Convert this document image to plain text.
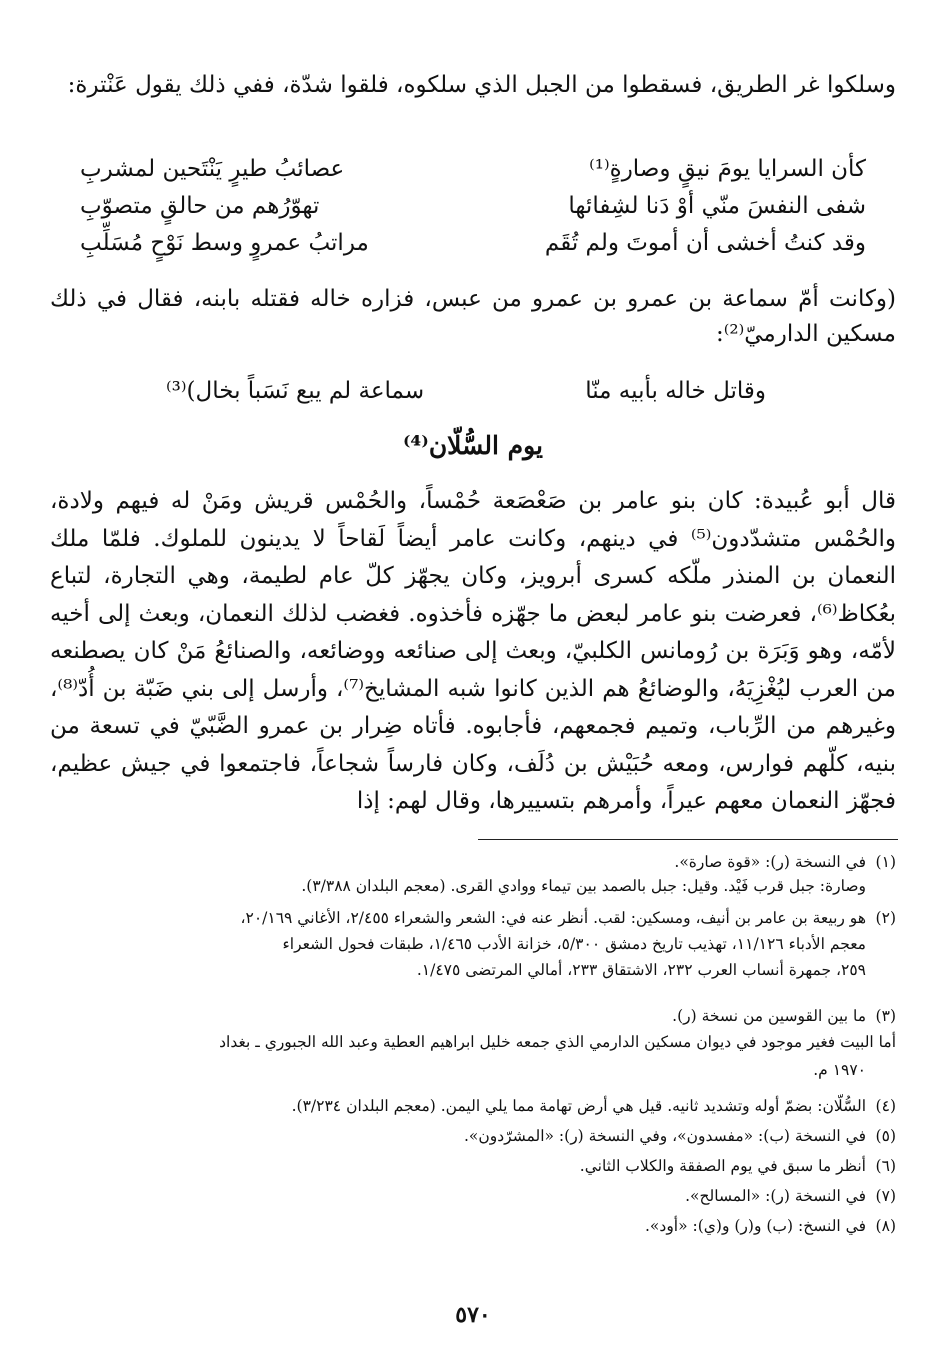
وسلكوا غر الطريق، فسقطوا من الجبل الذي سلكوه، فلقوا شدّة، ففي ذلك يقول عَنْترة:
كأن السرايا يومَ نيقٍ وصارةٍ⁽¹⁾
عصائبُ طيرٍ يَنْتَحين لمشربِ
شفى النفسَ منّي أوْ دَنا لشِفائها
تهوّرُهم من حالقٍ متصوّبِ
وقد كنتُ أخشى أن أموتَ ولم تُقَم
مراتبُ عمروٍ وسط نَوْحٍ مُسَلِّبِ
(وكانت أمّ سماعة بن عمرو بن عمرو من عبس، فزاره خاله فقتله بابنه، فقال في ذلك مسكين الدارميّ⁽²⁾:
وقاتل خاله بأبيه منّا
سماعة لم يبع نَسَباً بخال)⁽³⁾
يوم السُّلّان⁽⁴⁾
قال أبو عُبيدة: كان بنو عامر بن صَعْصَعة حُمْساً، والحُمْس قريش ومَنْ له فيهم ولادة، والحُمْس متشدّدون⁽⁵⁾ في دينهم، وكانت عامر أيضاً لَقاحاً لا يدينون للملوك. فلمّا ملك النعمان بن المنذر ملّكه كسرى أبرويز، وكان يجهّز كلّ عام لطيمة، وهي التجارة، لتباع بعُكاظ⁽⁶⁾، فعرضت بنو عامر لبعض ما جهّزه فأخذوه. فغضب لذلك النعمان، وبعث إلى أخيه لأمّه، وهو وَبَرَة بن رُومانس الكلبيّ، وبعث إلى صنائعه ووضائعه، والصنائعُ مَنْ كان يصطنعه من العرب ليُغْزِيَهُ، والوضائعُ هم الذين كانوا شبه المشايخ⁽⁷⁾، وأرسل إلى بني ضَبّة بن أُدّ⁽⁸⁾، وغيرهم من الرِّباب، وتميم فجمعهم، فأجابوه. فأتاه ضِرار بن عمرو الضَّبّيّ في تسعة من بنيه، كلّهم فوارس، ومعه حُبَيْش بن دُلَف، وكان فارساً شجاعاً، فاجتمعوا في جيش عظيم، فجهّز النعمان معهم عيراً، وأمرهم بتسييرها، وقال لهم: إذا
(١)في النسخة (ر): «قوة صارة».
وصارة: جبل قرب فَيْد. وقيل: جبل بالصمد بين تيماء ووادي القرى. (معجم البلدان ٣/٣٨٨).
(٢)هو ربيعة بن عامر بن أنيف، ومسكين: لقب. أنظر عنه في: الشعر والشعراء ٢/٤٥٥، الأغاني ٢٠/١٦٩،
معجم الأدباء ١١/١٢٦، تهذيب تاريخ دمشق ٥/٣٠٠، خزانة الأدب ١/٤٦٥، طبقات فحول الشعراء
٢٥٩، جمهرة أنساب العرب ٢٣٢، الاشتقاق ٢٣٣، أمالي المرتضى ١/٤٧٥.
(٣)ما بين القوسين من نسخة (ر).
أما البيت فغير موجود في ديوان مسكين الدارمي الذي جمعه خليل ابراهيم العطية وعبد الله الجبوري ـ بغداد
١٩٧٠ م.
(٤)السُّلّان: بضمّ أوله وتشديد ثانيه. قيل هي أرض تهامة مما يلي اليمن. (معجم البلدان ٣/٢٣٤).
(٥)في النسخة (ب): «مفسدون»، وفي النسخة (ر): «المشرّدون».
(٦)أنظر ما سبق في يوم الصفقة والكلاب الثاني.
(٧)في النسخة (ر): «المسالح».
(٨)في النسخ: (ب) و(ر) و(ي): «أود».
٥٧٠
